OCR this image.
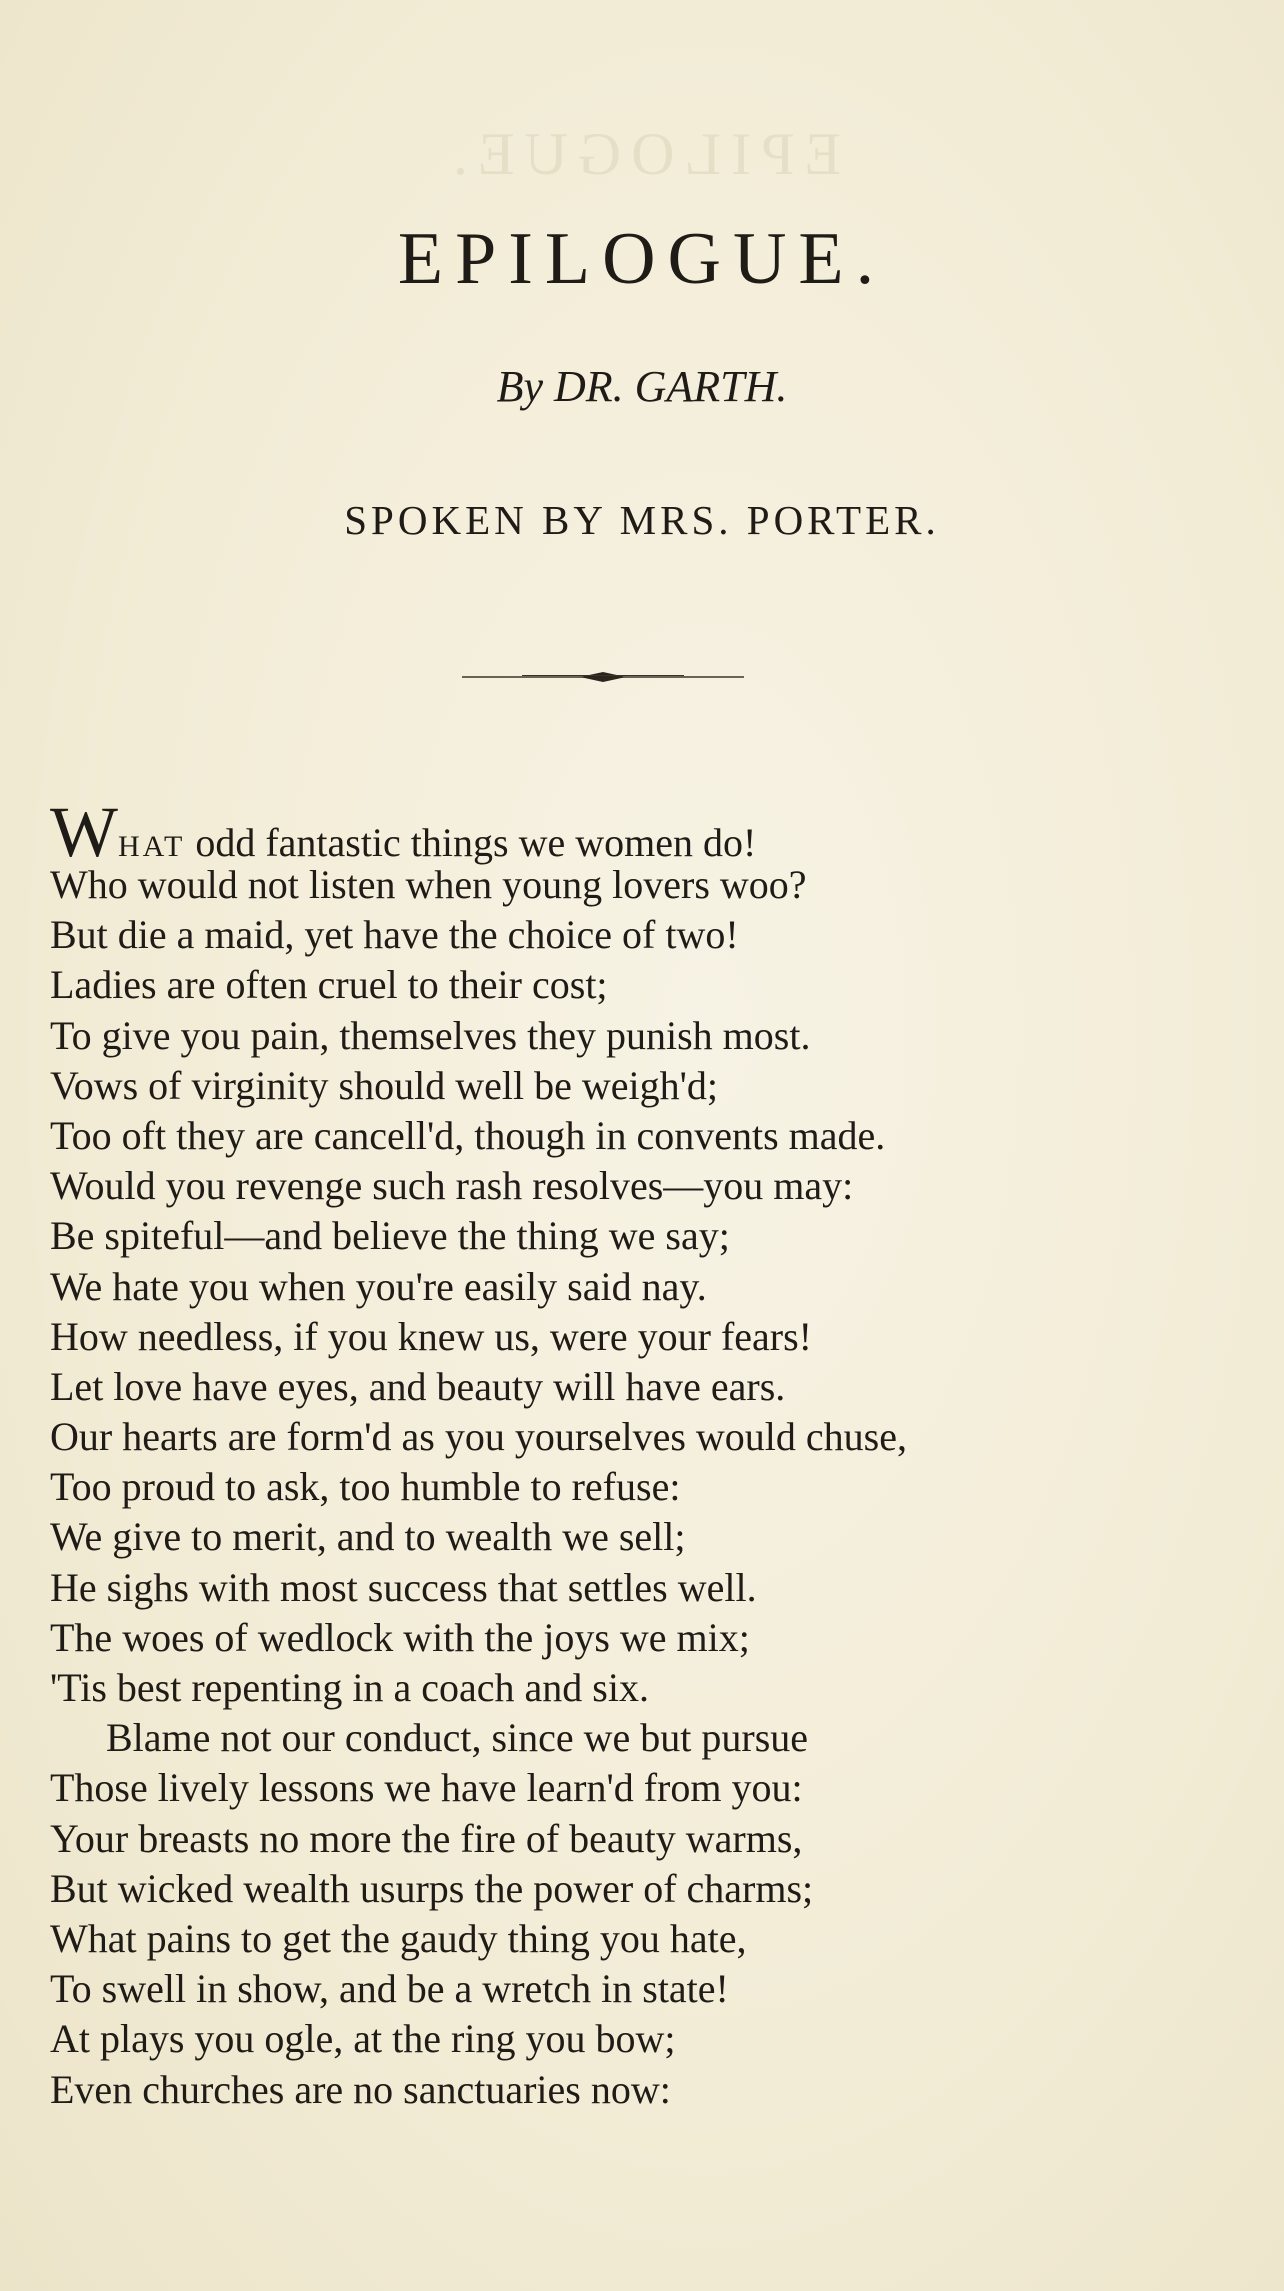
EPILOGUE.
EPILOGUE.
By DR. GARTH.
SPOKEN BY MRS. PORTER.
WHAT odd fantastic things we women do!
Who would not listen when young lovers woo?
But die a maid, yet have the choice of two!
Ladies are often cruel to their cost;
To give you pain, themselves they punish most.
Vows of virginity should well be weigh'd;
Too oft they are cancell'd, though in convents made.
Would you revenge such rash resolves—you may:
Be spiteful—and believe the thing we say;
We hate you when you're easily said nay.
How needless, if you knew us, were your fears!
Let love have eyes, and beauty will have ears.
Our hearts are form'd as you yourselves would chuse,
Too proud to ask, too humble to refuse:
We give to merit, and to wealth we sell;
He sighs with most success that settles well.
The woes of wedlock with the joys we mix;
'Tis best repenting in a coach and six.
Blame not our conduct, since we but pursue
Those lively lessons we have learn'd from you:
Your breasts no more the fire of beauty warms,
But wicked wealth usurps the power of charms;
What pains to get the gaudy thing you hate,
To swell in show, and be a wretch in state!
At plays you ogle, at the ring you bow;
Even churches are no sanctuaries now:
